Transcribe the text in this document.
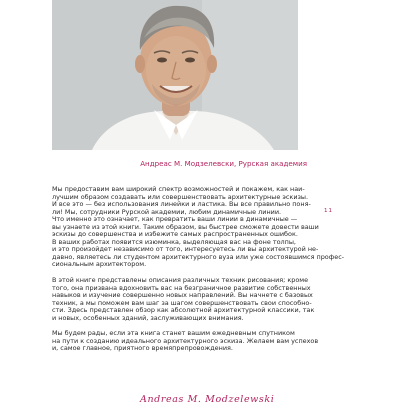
Андреас М. Модзелевски, Рурская академия
11
Мы предоставим вам широкий спектр возможностей и покажем, как наи-
лучшим образом создавать или совершенствовать архитектурные эскизы.
И все это — без использования линейки и ластика. Вы все правильно поня-
ли! Мы, сотрудники Рурской академии, любим динамичные линии.
Что именно это означает, как превратить ваши линии в динамичные —
вы узнаете из этой книги. Таким образом, вы быстрее сможете довести ваши
эскизы до совершенства и избежите самых распространенных ошибок.
В ваших работах появится изюминка, выделяющая вас на фоне толпы,
и это произойдет независимо от того, интересуетесь ли вы архитектурой не-
давно, являетесь ли студентом архитектурного вуза или уже состоявшимся профес-
сиональным архитектором.
В этой книге представлены описания различных техник рисования; кроме
того, она призвана вдохновить вас на безграничное развитие собственных
навыков и изучение совершенно новых направлений. Вы начнете с базовых
техник, а мы поможем вам шаг за шагом совершенствовать свои способно-
сти. Здесь представлен обзор как абсолютной архитектурной классики, так
и новых, особенных зданий, заслуживающих внимания.
Мы будем рады, если эта книга станет вашим ежедневным спутником
на пути к созданию идеального архитектурного эскиза. Желаем вам успехов
и, самое главное, приятного времяпрепровождения.
Andreas M. Modzelewski
